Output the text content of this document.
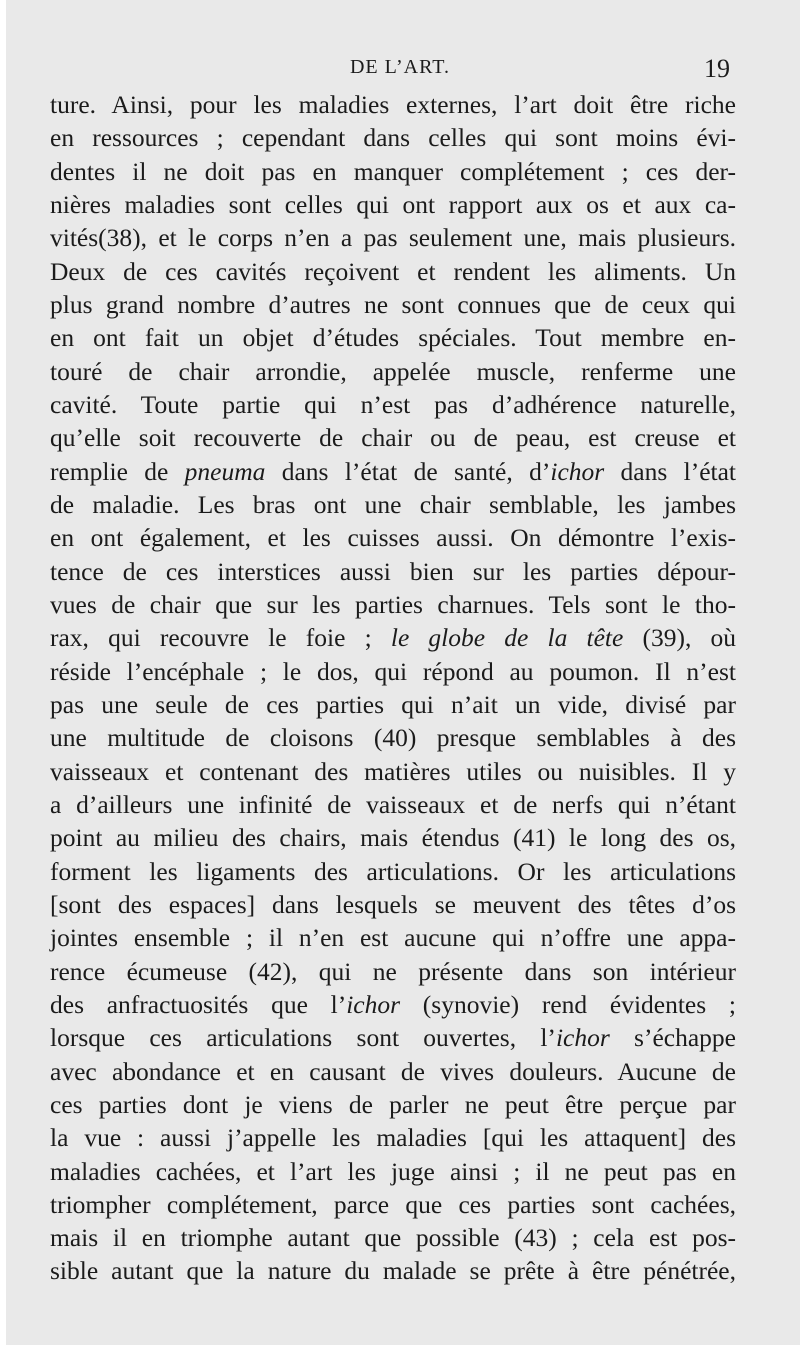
DE L’ART.	19
ture. Ainsi, pour les maladies externes, l’art doit être riche
en ressources ; cependant dans celles qui sont moins évi-
dentes il ne doit pas en manquer complétement ; ces der-
nières maladies sont celles qui ont rapport aux os et aux ca-
vités(38), et le corps n’en a pas seulement une, mais plusieurs.
Deux de ces cavités reçoivent et rendent les aliments. Un
plus grand nombre d’autres ne sont connues que de ceux qui
en ont fait un objet d’études spéciales. Tout membre en-
touré de chair arrondie, appelée muscle, renferme une
cavité. Toute partie qui n’est pas d’adhérence naturelle,
qu’elle soit recouverte de chair ou de peau, est creuse et
remplie de pneuma dans l’état de santé, d’ichor dans l’état
de maladie. Les bras ont une chair semblable, les jambes
en ont également, et les cuisses aussi. On démontre l’exis-
tence de ces interstices aussi bien sur les parties dépour-
vues de chair que sur les parties charnues. Tels sont le tho-
rax, qui recouvre le foie ; le globe de la tête (39), où
réside l’encéphale ; le dos, qui répond au poumon. Il n’est
pas une seule de ces parties qui n’ait un vide, divisé par
une multitude de cloisons (40) presque semblables à des
vaisseaux et contenant des matières utiles ou nuisibles. Il y
a d’ailleurs une infinité de vaisseaux et de nerfs qui n’étant
point au milieu des chairs, mais étendus (41) le long des os,
forment les ligaments des articulations. Or les articulations
[sont des espaces] dans lesquels se meuvent des têtes d’os
jointes ensemble ; il n’en est aucune qui n’offre une appa-
rence écumeuse (42), qui ne présente dans son intérieur
des anfractuosités que l’ichor (synovie) rend évidentes ;
lorsque ces articulations sont ouvertes, l’ichor s’échappe
avec abondance et en causant de vives douleurs. Aucune de
ces parties dont je viens de parler ne peut être perçue par
la vue : aussi j’appelle les maladies [qui les attaquent] des
maladies cachées, et l’art les juge ainsi ; il ne peut pas en
triompher complétement, parce que ces parties sont cachées,
mais il en triomphe autant que possible (43) ; cela est pos-
sible autant que la nature du malade se prête à être pénétrée,
